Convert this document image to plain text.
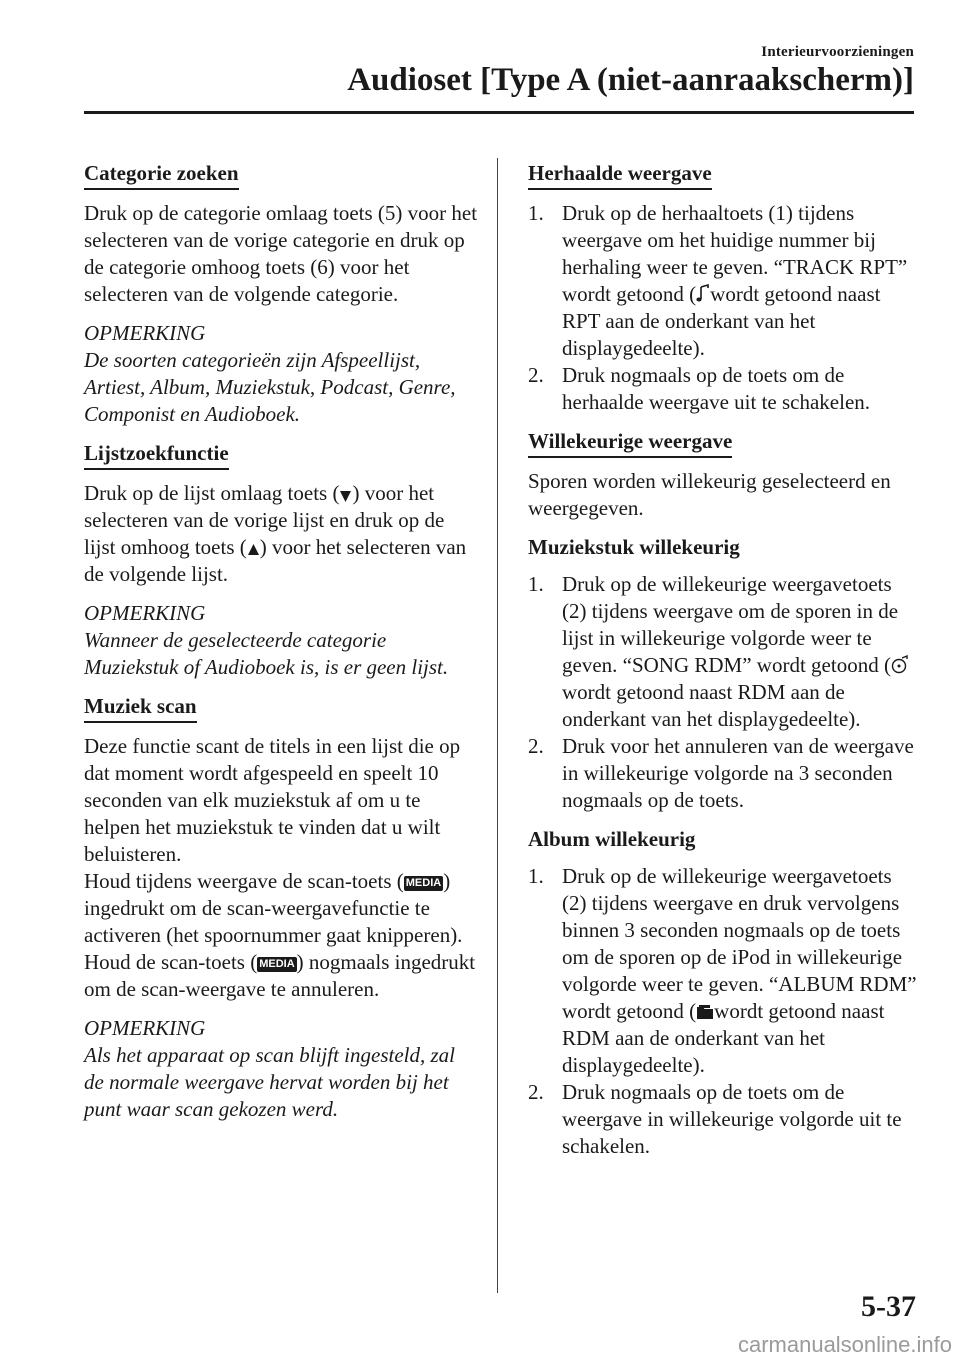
Interieurvoorzieningen
Audioset [Type A (niet-aanraakscherm)]
Categorie zoeken

Druk op de categorie omlaag toets (5) voor het selecteren van de vorige categorie en druk op de categorie omhoog toets (6) voor het selecteren van de volgende categorie.

OPMERKING
De soorten categorieën zijn Afspeellijst, Artiest, Album, Muziekstuk, Podcast, Genre, Componist en Audioboek.
Lijstzoekfunctie

Druk op de lijst omlaag toets ( ) voor het selecteren van de vorige lijst en druk op de lijst omhoog toets ( ) voor het selecteren van de volgende lijst.

OPMERKING
Wanneer de geselecteerde categorie Muziekstuk of Audioboek is, is er geen lijst.
Muziek scan

Deze functie scant de titels in een lijst die op dat moment wordt afgespeeld en speelt 10 seconden van elk muziekstuk af om u te helpen het muziekstuk te vinden dat u wilt beluisteren.

Houd tijdens weergave de scan-toets ( MEDIA) ingedrukt om de scan-weergavefunctie te activeren (het spoornummer gaat knipperen). Houd de scan-toets ( MEDIA) nogmaals ingedrukt om de scan-weergave te annuleren.

OPMERKING
Als het apparaat op scan blijft ingesteld, zal de normale weergave hervat worden bij het punt waar scan gekozen werd.
Herhaalde weergave
1. Druk op de herhaaltoets (1) tijdens weergave om het huidige nummer bij herhaling weer te geven. “TRACK RPT” wordt getoond ( wordt getoond naast RPT aan de onderkant van het displaygedeelte).
2. Druk nogmaals op de toets om de herhaalde weergave uit te schakelen.
Willekeurige weergave

Sporen worden willekeurig geselecteerd en weergegeven.

Muziekstuk willekeurig
1. Druk op de willekeurige weergavetoets (2) tijdens weergave om de sporen in de lijst in willekeurige volgorde weer te geven. “SONG RDM” wordt getoond ( wordt getoond naast RDM aan de onderkant van het displaygedeelte).
2. Druk voor het annuleren van de weergave in willekeurige volgorde na 3 seconden nogmaals op de toets.
Album willekeurig
1. Druk op de willekeurige weergavetoets (2) tijdens weergave en druk vervolgens binnen 3 seconden nogmaals op de toets om de sporen op de iPod in willekeurige volgorde weer te geven. “ALBUM RDM” wordt getoond ( wordt getoond naast RDM aan de onderkant van het displaygedeelte).
2. Druk nogmaals op de toets om de weergave in willekeurige volgorde uit te schakelen.
5-37
carmanualsonline.info
